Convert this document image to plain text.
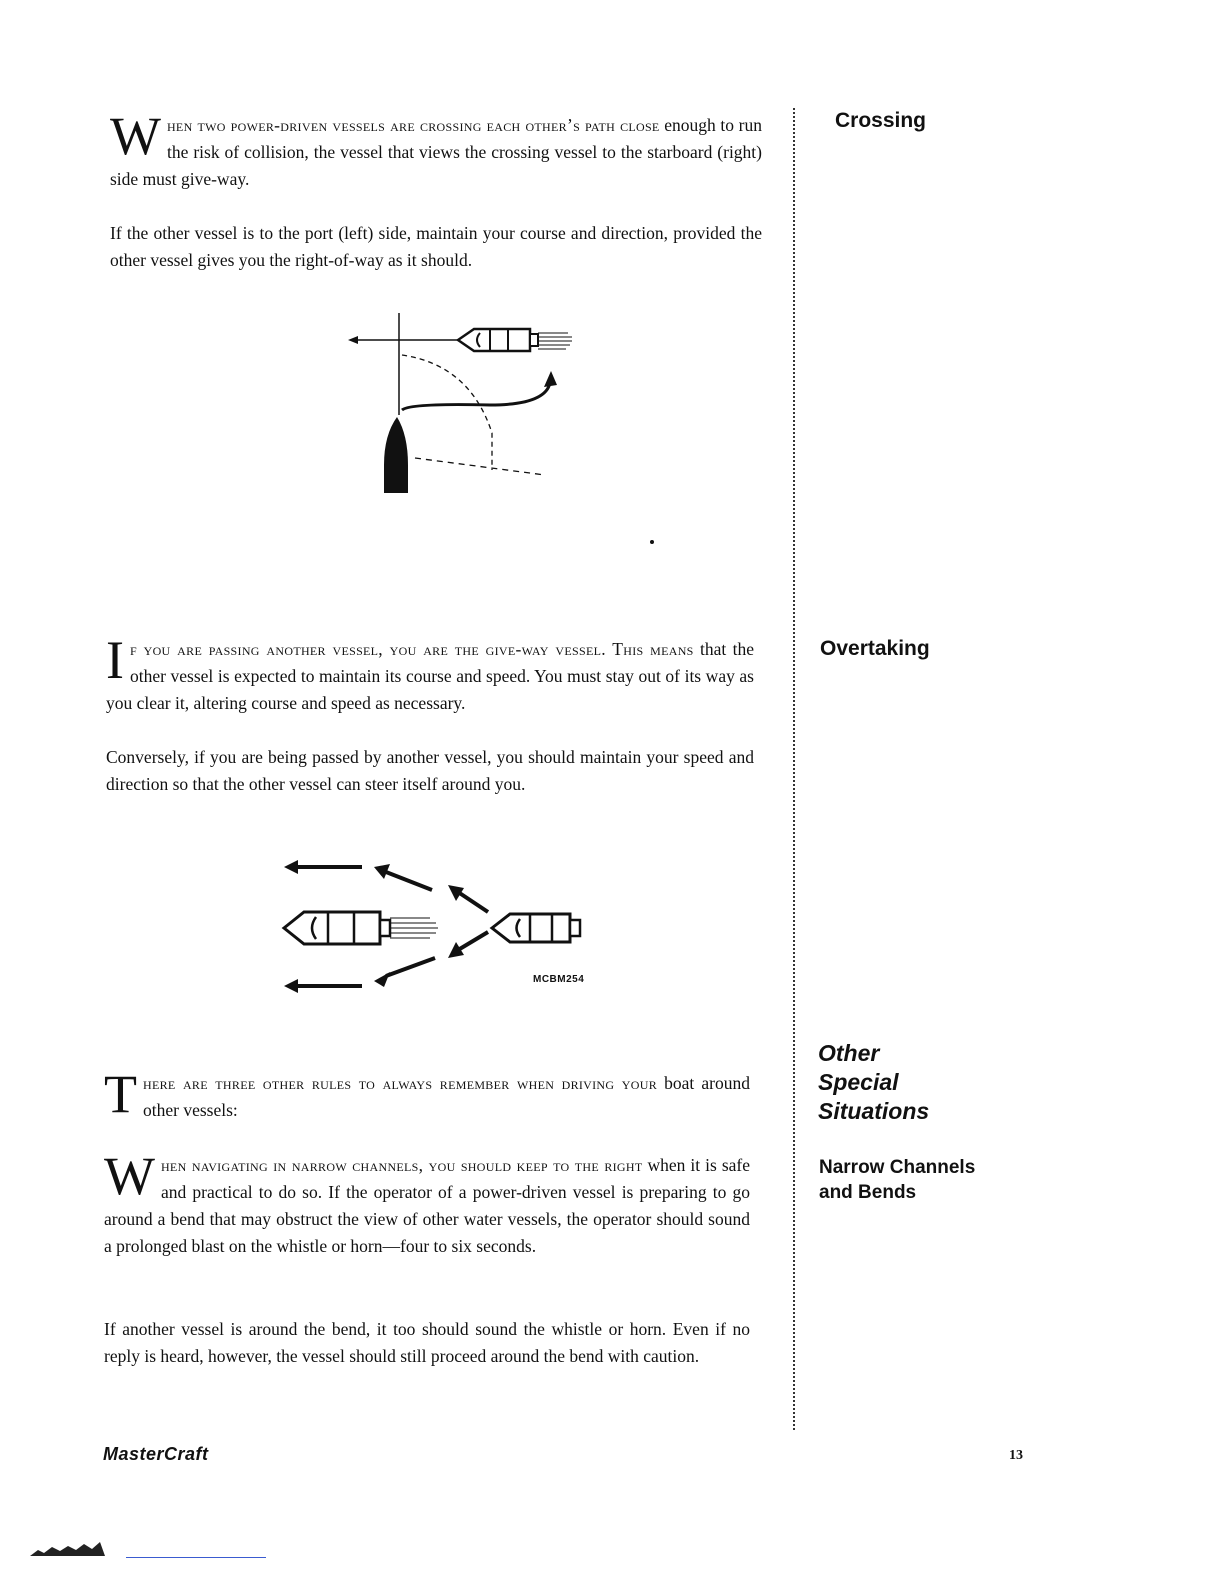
Crossing
Overtaking
Other
Special
Situations
Narrow Channels
and Bends

When two power-driven vessels are crossing each other’s path close enough to run the risk of collision, the vessel that views the crossing vessel to the starboard (right) side must give-way.

If the other vessel is to the port (left) side, maintain your course and direction, provided the other vessel gives you the right-of-way as it should.

If you are passing another vessel, you are the give-way vessel. This means that the other vessel is expected to maintain its course and speed. You must stay out of its way as you clear it, altering course and speed as necessary.

Conversely, if you are being passed by another vessel, you should maintain your speed and direction so that the other vessel can steer itself around you.

MCBM254

There are three other rules to always remember when driving your boat around other vessels:

When navigating in narrow channels, you should keep to the right when it is safe and practical to do so. If the operator of a power-driven vessel is preparing to go around a bend that may obstruct the view of other water vessels, the operator should sound a prolonged blast on the whistle or horn—four to six seconds.

If another vessel is around the bend, it too should sound the whistle or horn. Even if no reply is heard, however, the vessel should still proceed around the bend with caution.

MasterCraft	13
